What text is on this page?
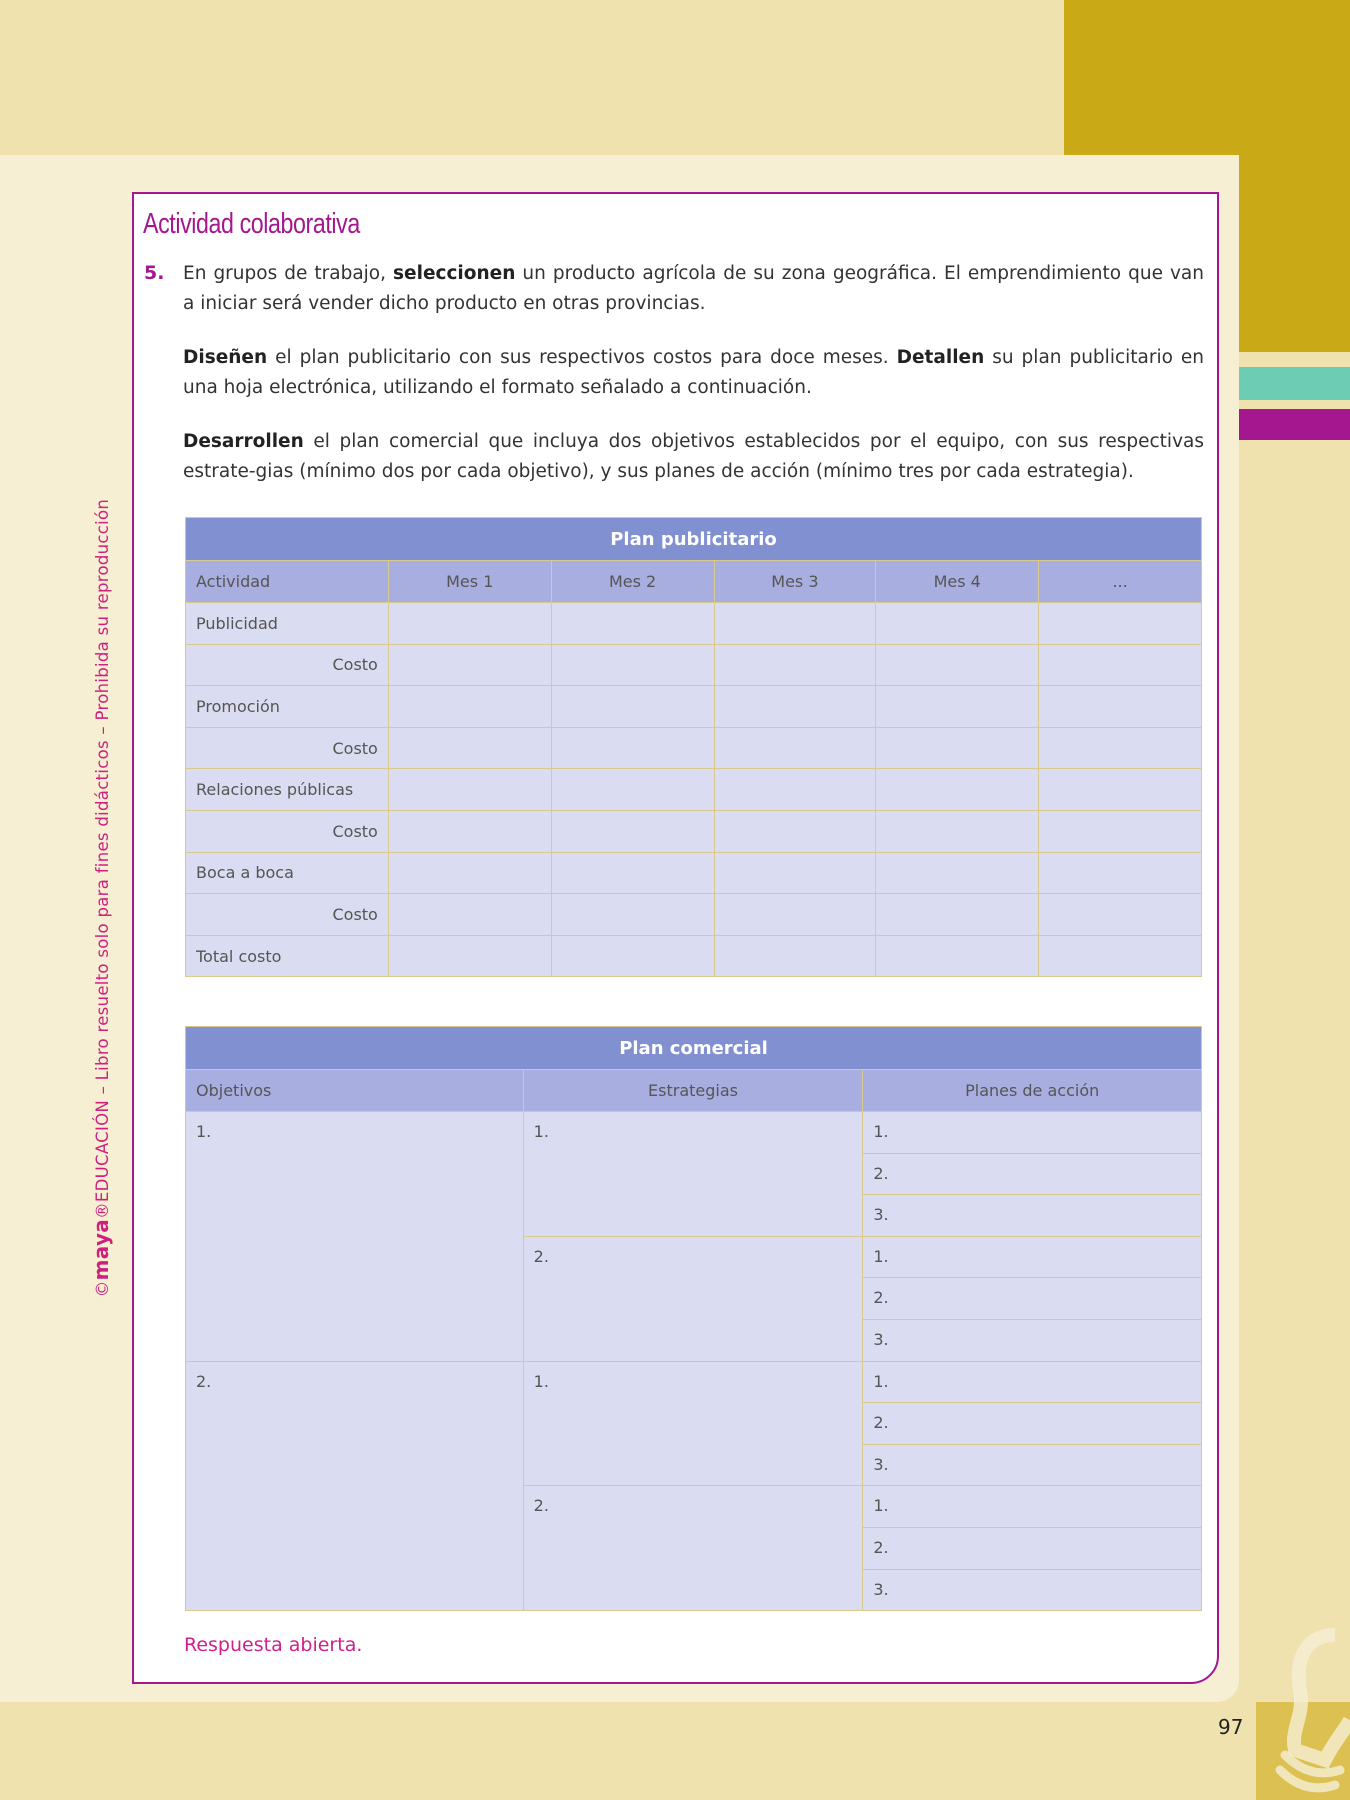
©maya®EDUCACIÓN – Libro resuelto solo para fines didácticos – Prohibida su reproducción
Actividad colaborativa
5. En grupos de trabajo, seleccionen un producto agrícola de su zona geográfica. El emprendimiento que van a iniciar será vender dicho producto en otras provincias.
Diseñen el plan publicitario con sus respectivos costos para doce meses. Detallen su plan publicitario en una hoja electrónica, utilizando el formato señalado a continuación.
Desarrollen el plan comercial que incluya dos objetivos establecidos por el equipo, con sus respectivas estrate-gias (mínimo dos por cada objetivo), y sus planes de acción (mínimo tres por cada estrategia).
Plan publicitario					
Actividad	Mes 1	Mes 2	Mes 3	Mes 4	...
Publicidad					
Costo					
Promoción					
Costo					
Relaciones públicas					
Costo					
Boca a boca					
Costo					
Total costo					
Plan comercial		
Objetivos	Estrategias	Planes de acción
1.	1.	1.
		2.
		3.
	2.	1.
		2.
		3.
2.	1.	1.
		2.
		3.
	2.	1.
		2.
		3.
Respuesta abierta.
97
